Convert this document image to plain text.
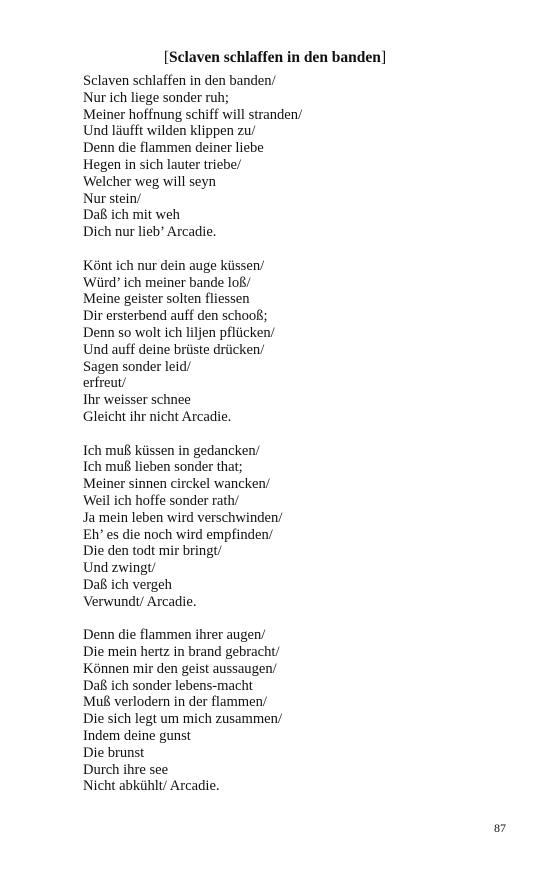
[Sclaven schlaffen in den banden]
Sclaven schlaffen in den banden/
Nur ich liege sonder ruh;
Meiner hoffnung schiff will stranden/
Und läufft wilden klippen zu/
Denn die flammen deiner liebe
Hegen in sich lauter triebe/
Welcher weg will seyn
Nur stein/
Daß ich mit weh
Dich nur lieb’ Arcadie.
Könt ich nur dein auge küssen/
Würd’ ich meiner bande loß/
Meine geister solten fliessen
Dir ersterbend auff den schooß;
Denn so wolt ich liljen pflücken/
Und auff deine brüste drücken/
Sagen sonder leid/
erfreut/
Ihr weisser schnee
Gleicht ihr nicht Arcadie.
Ich muß küssen in gedancken/
Ich muß lieben sonder that;
Meiner sinnen circkel wancken/
Weil ich hoffe sonder rath/
Ja mein leben wird verschwinden/
Eh’ es die noch wird empfinden/
Die den todt mir bringt/
Und zwingt/
Daß ich vergeh
Verwundt/ Arcadie.
Denn die flammen ihrer augen/
Die mein hertz in brand gebracht/
Können mir den geist aussaugen/
Daß ich sonder lebens-macht
Muß verlodern in der flammen/
Die sich legt um mich zusammen/
Indem deine gunst
Die brunst
Durch ihre see
Nicht abkühlt/ Arcadie.
87
